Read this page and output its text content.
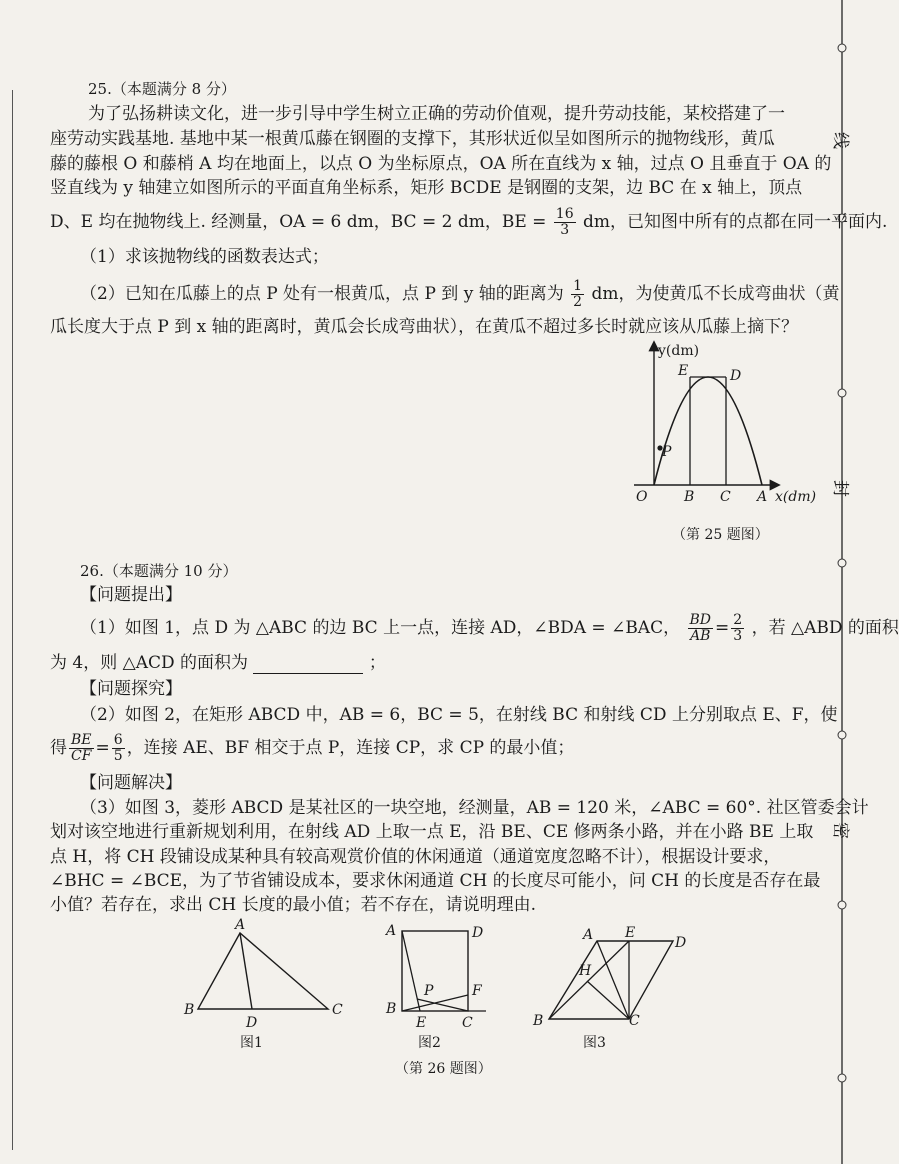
线
封
密
25.（本题满分 8 分）
为了弘扬耕读文化，进一步引导中学生树立正确的劳动价值观，提升劳动技能，某校搭建了一
座劳动实践基地. 基地中某一根黄瓜藤在钢圈的支撑下，其形状近似呈如图所示的抛物线形，黄瓜
藤的藤根 O 和藤梢 A 均在地面上，以点 O 为坐标原点，OA 所在直线为 x 轴，过点 O 且垂直于 OA 的
竖直线为 y 轴建立如图所示的平面直角坐标系，矩形 BCDE 是钢圈的支架，边 BC 在 x 轴上，顶点
D、E 均在抛物线上. 经测量，OA = 6 dm，BC = 2 dm，BE = $\frac{16}{3}$ dm，已知图中所有的点都在同一平面内.
（1）求该抛物线的函数表达式；
（2）已知在瓜藤上的点 P 处有一根黄瓜，点 P 到 y 轴的距离为 $\frac{1}{2}$ dm，为使黄瓜不长成弯曲状（黄
瓜长度大于点 P 到 x 轴的距离时，黄瓜会长成弯曲状），在黄瓜不超过多长时就应该从瓜藤上摘下？
y(dm)
E	D
P
O	B C A x(dm)
（第 25 题图）
26.（本题满分 10 分）
【问题提出】
（1）如图 1，点 D 为 △ABC 的边 BC 上一点，连接 AD，∠BDA = ∠BAC， $\frac{BD}{AB} = \frac{2}{3}$ ，若 △ABD 的面积
为 4，则 △ACD 的面积为	；
【问题探究】
（2）如图 2，在矩形 ABCD 中，AB = 6，BC = 5，在射线 BC 和射线 CD 上分别取点 E、F，使
得 $\frac{BE}{CF} = \frac{6}{5}$ ，连接 AE、BF 相交于点 P，连接 CP，求 CP 的最小值；
【问题解决】
（3）如图 3，菱形 ABCD 是某社区的一块空地，经测量，AB = 120 米，∠ABC = 60°. 社区管委会计
划对该空地进行重新规划利用，在射线 AD 上取一点 E，沿 BE、CE 修两条小路，并在小路 BE 上取
点 H，将 CH 段铺设成某种具有较高观赏价值的休闲通道（通道宽度忽略不计），根据设计要求，
∠BHC = ∠BCE，为了节省铺设成本，要求休闲通道 CH 的长度尽可能小，问 CH 的长度是否存在最
小值？若存在，求出 CH 长度的最小值；若不存在，请说明理由.
A
B	C
D
图1
A	D
P	F
B
E	C
图2
A E
D
H
B	C
图3
（第 26 题图）
